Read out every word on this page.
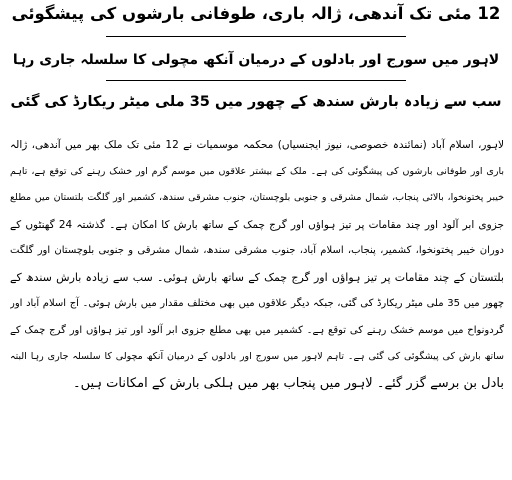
12 مئی تک آندھی، ژالہ باری، طوفانی بارشوں کی پیشگوئی
لاہور میں سورج اور بادلوں کے درمیان آنکھ مچولی کا سلسلہ جاری رہا
سب سے زیادہ بارش سندھ کے چھور میں 35 ملی میٹر ریکارڈ کی گئی
لاہور، اسلام آباد (نمائندہ خصوصی، نیوز ایجنسیاں) محکمہ موسمیات نے 12 مئی تک ملک بھر میں آندھی، ژالہ
باری اور طوفانی بارشوں کی پیشگوئی کی ہے۔ ملک کے بیشتر علاقوں میں موسم گرم اور خشک رہنے کی توقع ہے، تاہم
خیبر پختونخوا، بالائی پنجاب، شمال مشرقی و جنوبی بلوچستان، جنوب مشرقی سندھ، کشمیر اور گلگت بلتستان میں مطلع
جزوی ابر آلود اور چند مقامات پر تیز ہواؤں اور گرج چمک کے ساتھ بارش کا امکان ہے۔ گذشتہ 24 گھنٹوں کے
دوران خیبر پختونخوا، کشمیر، پنجاب، اسلام آباد، جنوب مشرقی سندھ، شمال مشرقی و جنوبی بلوچستان اور گلگت
بلتستان کے چند مقامات پر تیز ہواؤں اور گرج چمک کے ساتھ بارش ہوئی۔ سب سے زیادہ بارش سندھ کے
چھور میں 35 ملی میٹر ریکارڈ کی گئی، جبکہ دیگر علاقوں میں بھی مختلف مقدار میں بارش ہوئی۔ آج اسلام آباد اور
گردونواح میں موسم خشک رہنے کی توقع ہے۔ کشمیر میں بھی مطلع جزوی ابر آلود اور تیز ہواؤں اور گرج چمک کے
ساتھ بارش کی پیشگوئی کی گئی ہے۔ تاہم لاہور میں سورج اور بادلوں کے درمیان آنکھ مچولی کا سلسلہ جاری رہا البتہ
بادل بن برسے گزر گئے۔ لاہور میں پنجاب بھر میں ہلکی بارش کے امکانات ہیں۔
